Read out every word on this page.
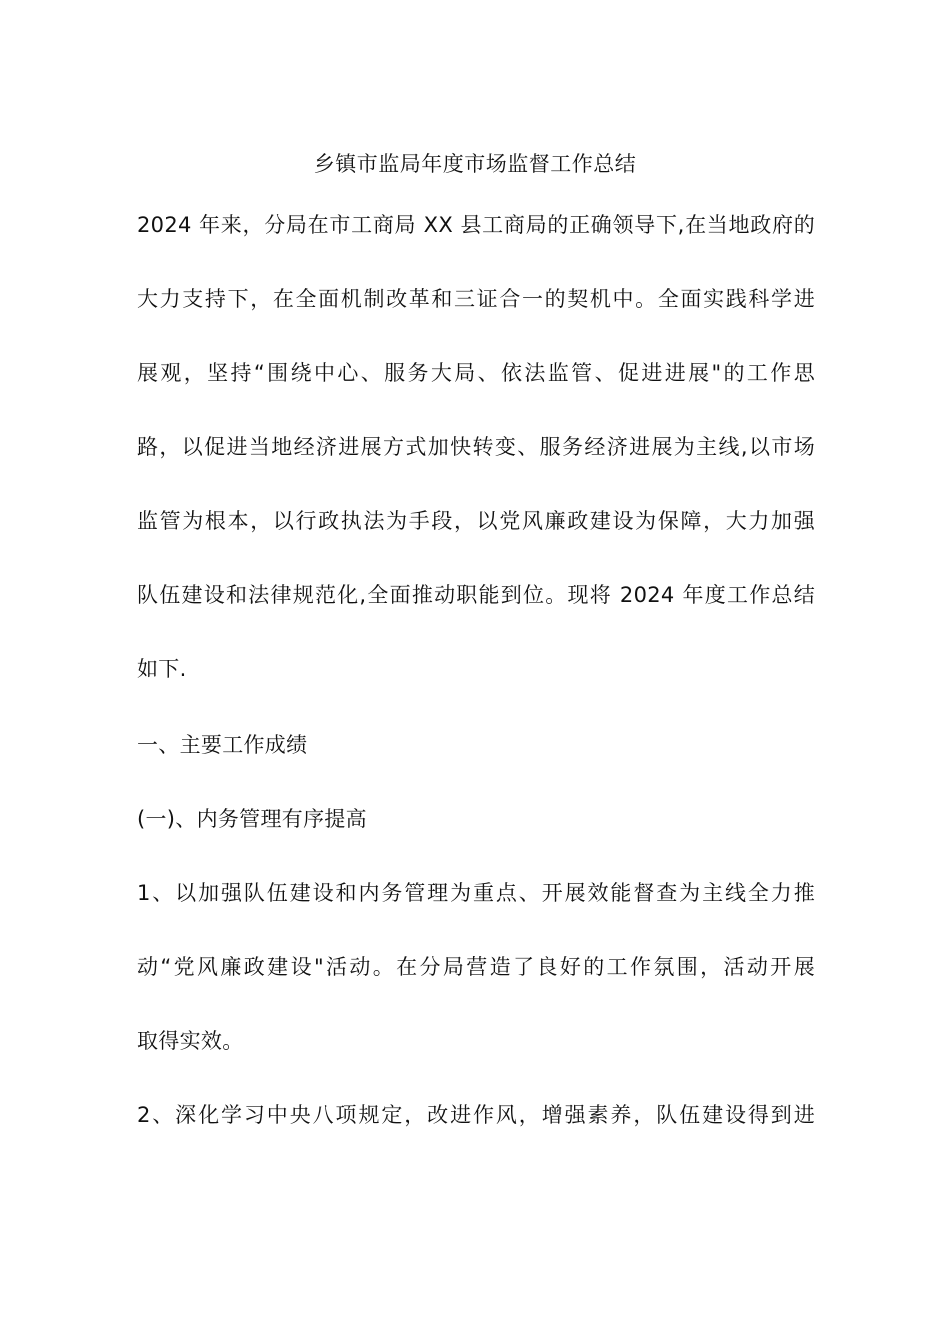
乡镇市监局年度市场监督工作总结
2024 年来，分局在市工商局 XX 县工商局的正确领导下,在当地政府的
大力支持下，在全面机制改革和三证合一的契机中。全面实践科学进
展观，坚持“围绕中心、服务大局、依法监管、促进进展"的工作思
路，以促进当地经济进展方式加快转变、服务经济进展为主线,以市场
监管为根本，以行政执法为手段，以党风廉政建设为保障，大力加强
队伍建设和法律规范化,全面推动职能到位。现将 2024 年度工作总结
如下.
一、主要工作成绩
(一)、内务管理有序提高
1、以加强队伍建设和内务管理为重点、开展效能督查为主线全力推
动“党风廉政建设"活动。在分局营造了良好的工作氛围，活动开展
取得实效。
2、深化学习中央八项规定，改进作风，增强素养，队伍建设得到进
